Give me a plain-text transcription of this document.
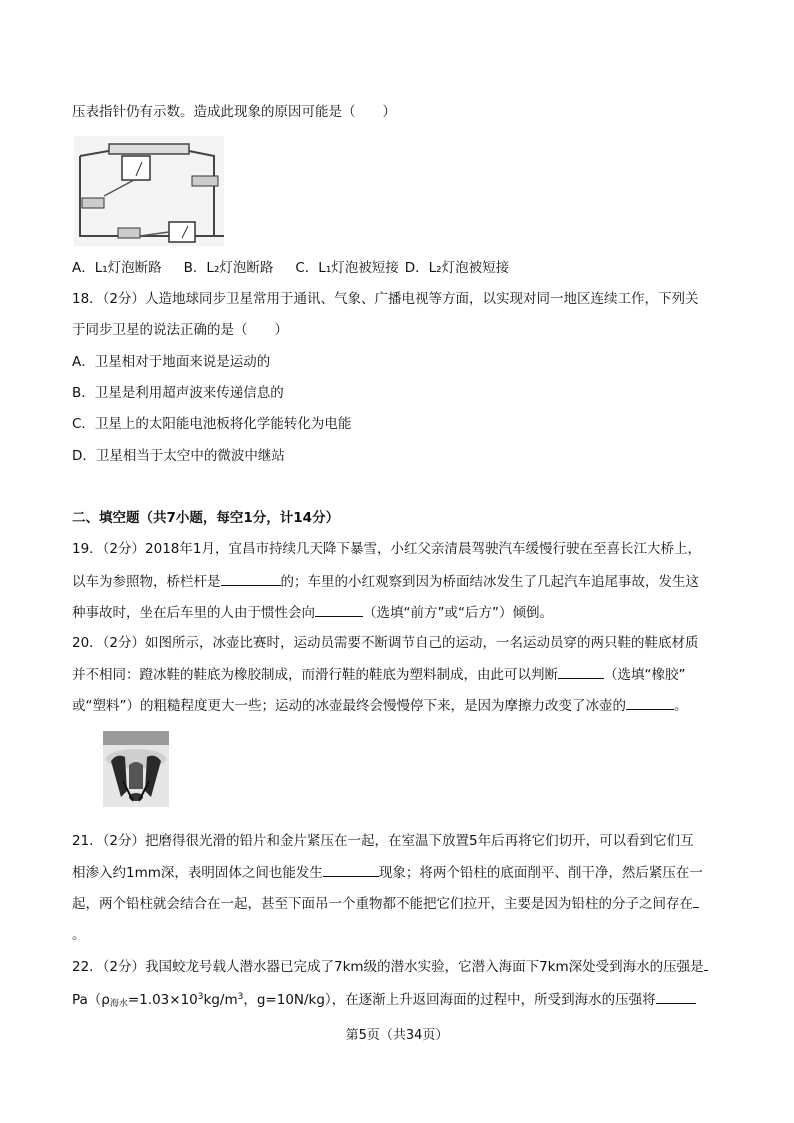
压表指针仍有示数。造成此现象的原因可能是（　　）
A．L₁灯泡断路 B．L₂灯泡断路 C．L₁灯泡被短接 D．L₂灯泡被短接
18．（2分）人造地球同步卫星常用于通讯、气象、广播电视等方面，以实现对同一地区连续工作，下列关
于同步卫星的说法正确的是（　　）
A．卫星相对于地面来说是运动的
B．卫星是利用超声波来传递信息的
C．卫星上的太阳能电池板将化学能转化为电能
D．卫星相当于太空中的微波中继站
二、填空题（共7小题，每空1分，计14分）
19．（2分）2018年1月，宜昌市持续几天降下暴雪，小红父亲清晨驾驶汽车缓慢行驶在至喜长江大桥上，
以车为参照物，桥栏杆是	的；车里的小红观察到因为桥面结冰发生了几起汽车追尾事故，发生这
种事故时，坐在后车里的人由于惯性会向	（选填“前方”或“后方”）倾倒。
20．（2分）如图所示，冰壶比赛时，运动员需要不断调节自己的运动，一名运动员穿的两只鞋的鞋底材质
并不相同：蹬冰鞋的鞋底为橡胶制成，而滑行鞋的鞋底为塑料制成，由此可以判断	（选填“橡胶”
或“塑料”）的粗糙程度更大一些；运动的冰壶最终会慢慢停下来，是因为摩擦力改变了冰壶的	。
21．（2分）把磨得很光滑的铅片和金片紧压在一起，在室温下放置5年后再将它们切开，可以看到它们互
相渗入约1mm深，表明固体之间也能发生	现象；将两个铅柱的底面削平、削干净，然后紧压在一
起，两个铅柱就会结合在一起，甚至下面吊一个重物都不能把它们拉开，主要是因为铅柱的分子之间存在
。
22．（2分）我国蛟龙号载人潜水器已完成了7km级的潜水实验，它潜入海面下7km深处受到海水的压强是
$Pa(\rho_{海水}=1.03\times 10^3kg/m^3$，g=10N/kg），在逐渐上升返回海面的过程中，所受到海水的压强将
第5页（共34页）
